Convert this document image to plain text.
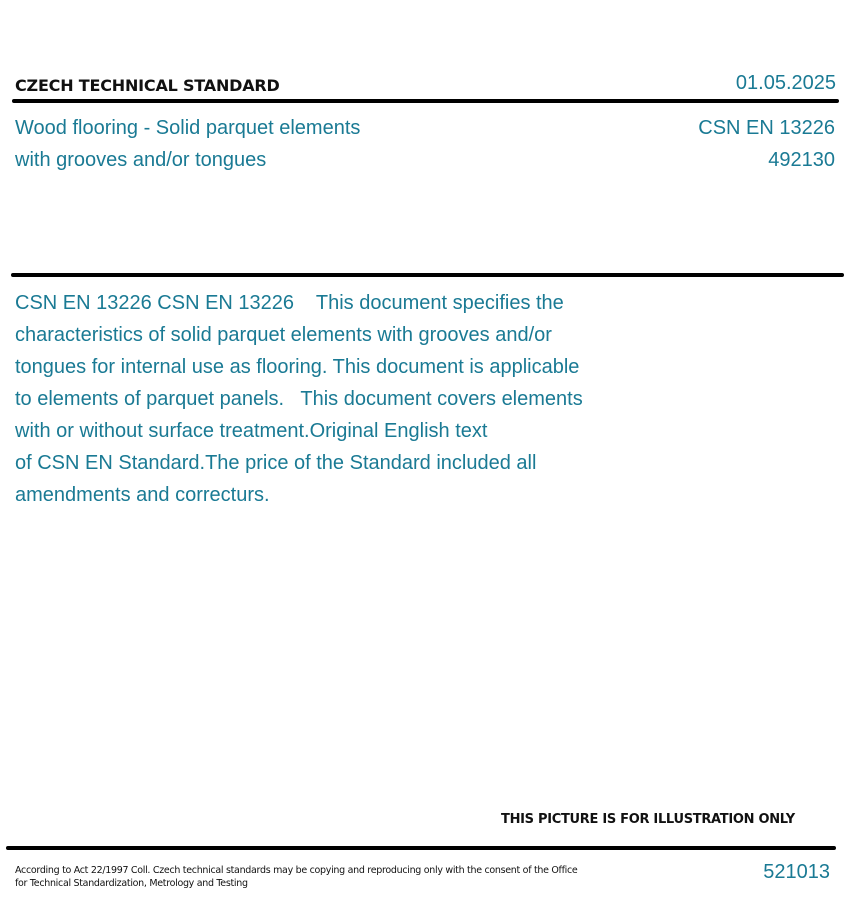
CZECH TECHNICAL STANDARD	01.05.2025
Wood flooring - Solid parquet elements
with grooves and/or tongues
CSN EN 13226
492130
CSN EN 13226 CSN EN 13226    This document specifies the
characteristics of solid parquet elements with grooves and/or
tongues for internal use as flooring. This document is applicable
to elements of parquet panels.   This document covers elements
with or without surface treatment.Original English text
of CSN EN Standard.The price of the Standard included all
amendments and correcturs.
THIS PICTURE IS FOR ILLUSTRATION ONLY
According to Act 22/1997 Coll. Czech technical standards may be copying and reproducing only with the consent of the Office
for Technical Standardization, Metrology and Testing
521013
